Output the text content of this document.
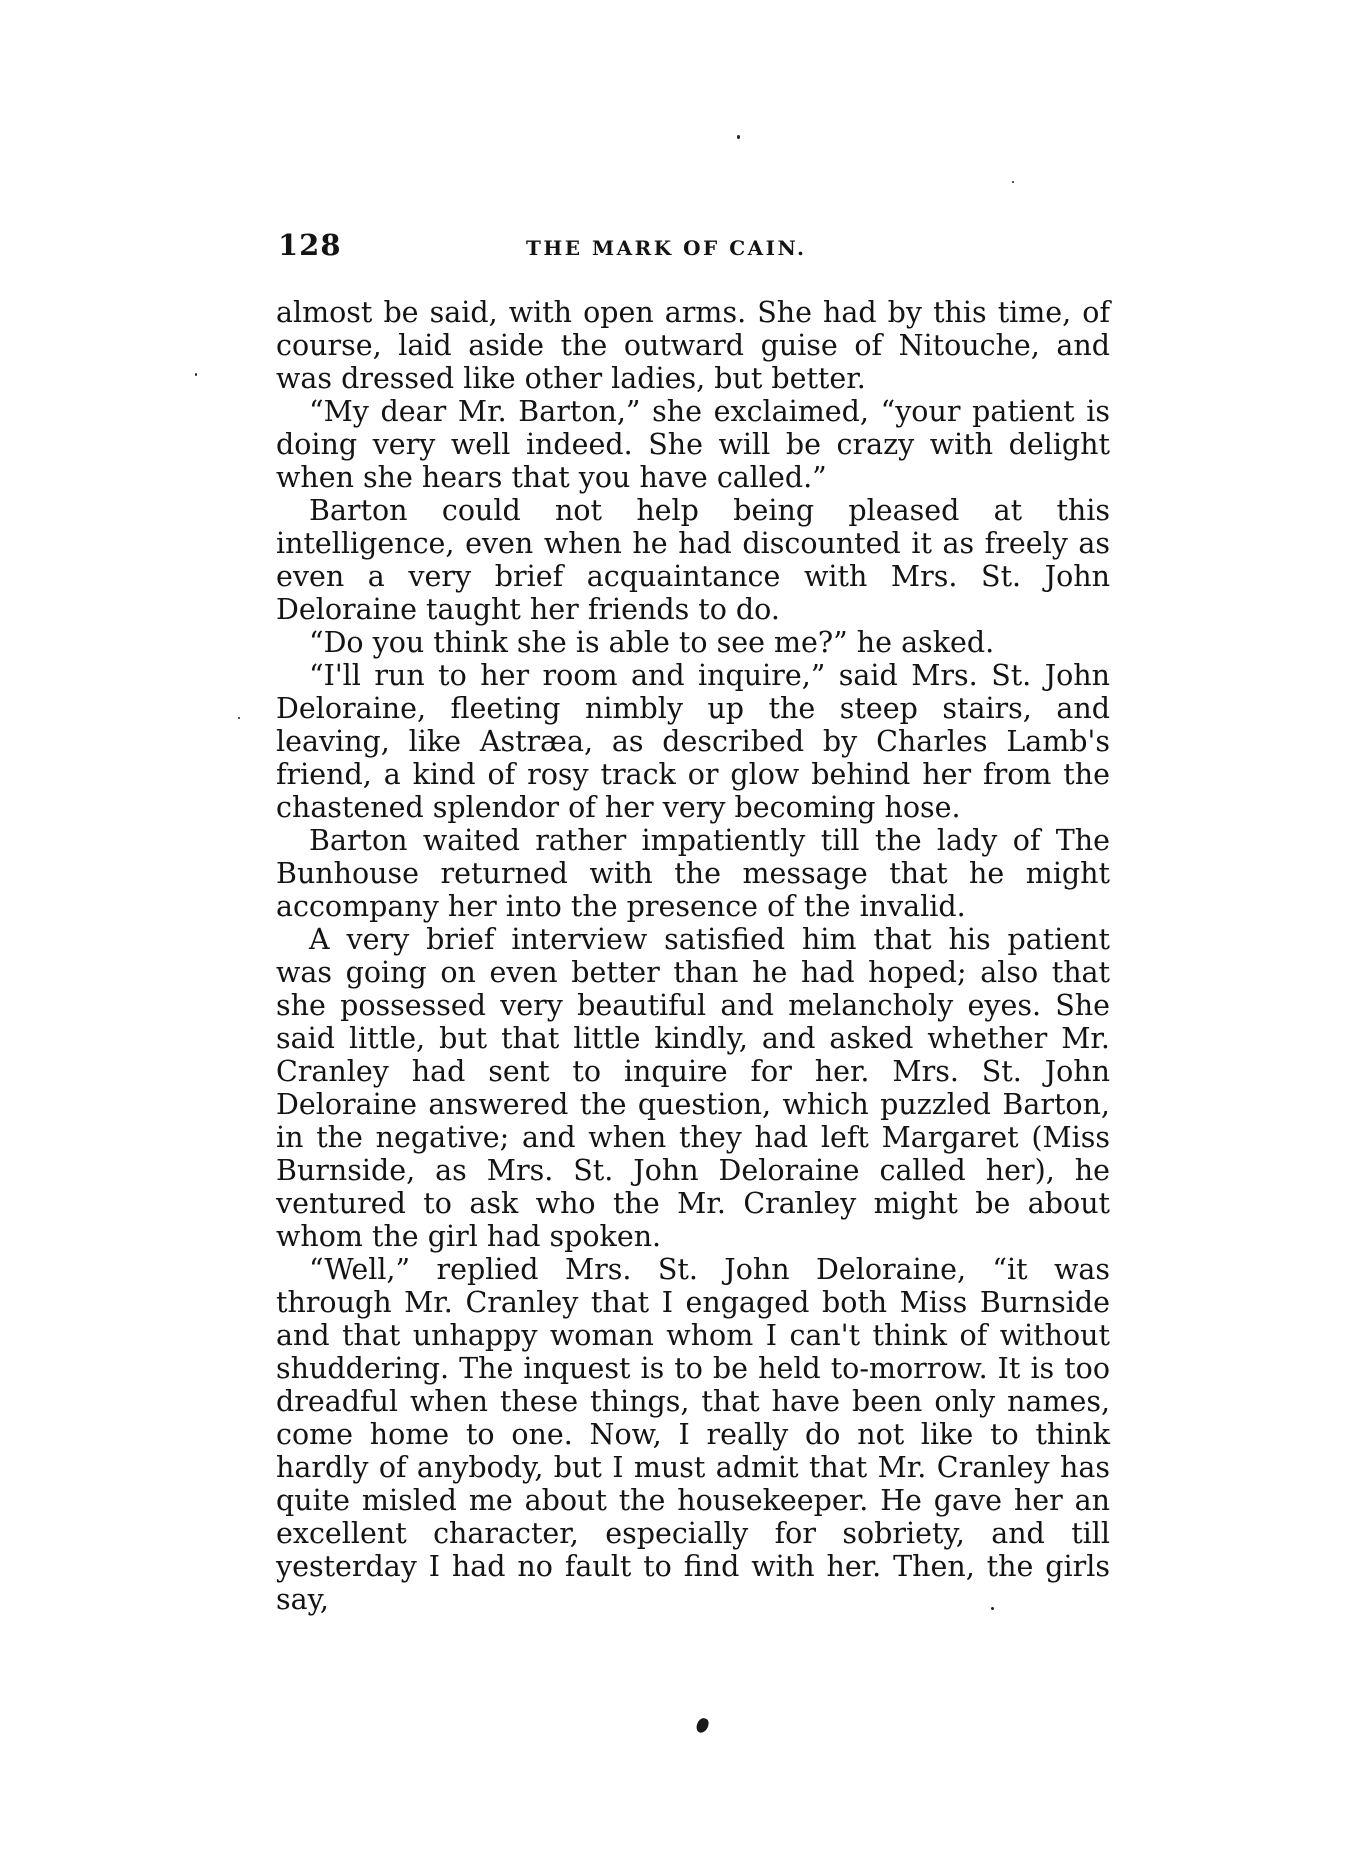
128	THE MARK OF CAIN.

almost be said, with open arms. She had by this time, of course, laid aside the outward guise of Nitouche, and was dressed like other ladies, but better.

“My dear Mr. Barton,” she exclaimed, “your patient is doing very well indeed. She will be crazy with delight when she hears that you have called.”

Barton could not help being pleased at this intelligence, even when he had discounted it as freely as even a very brief acquaintance with Mrs. St. John Deloraine taught her friends to do.

“Do you think she is able to see me?” he asked.

“I'll run to her room and inquire,” said Mrs. St. John Deloraine, fleeting nimbly up the steep stairs, and leaving, like Astræa, as described by Charles Lamb's friend, a kind of rosy track or glow behind her from the chastened splendor of her very becoming hose.

Barton waited rather impatiently till the lady of The Bunhouse returned with the message that he might accompany her into the presence of the invalid.

A very brief interview satisfied him that his patient was going on even better than he had hoped; also that she possessed very beautiful and melancholy eyes. She said little, but that little kindly, and asked whether Mr. Cranley had sent to inquire for her. Mrs. St. John Deloraine answered the question, which puzzled Barton, in the negative; and when they had left Margaret (Miss Burnside, as Mrs. St. John Deloraine called her), he ventured to ask who the Mr. Cranley might be about whom the girl had spoken.

“Well,” replied Mrs. St. John Deloraine, “it was through Mr. Cranley that I engaged both Miss Burnside and that unhappy woman whom I can't think of without shuddering. The inquest is to be held to-morrow. It is too dreadful when these things, that have been only names, come home to one. Now, I really do not like to think hardly of anybody, but I must admit that Mr. Cranley has quite misled me about the housekeeper. He gave her an excellent character, especially for sobriety, and till yesterday I had no fault to find with her. Then, the girls say,
